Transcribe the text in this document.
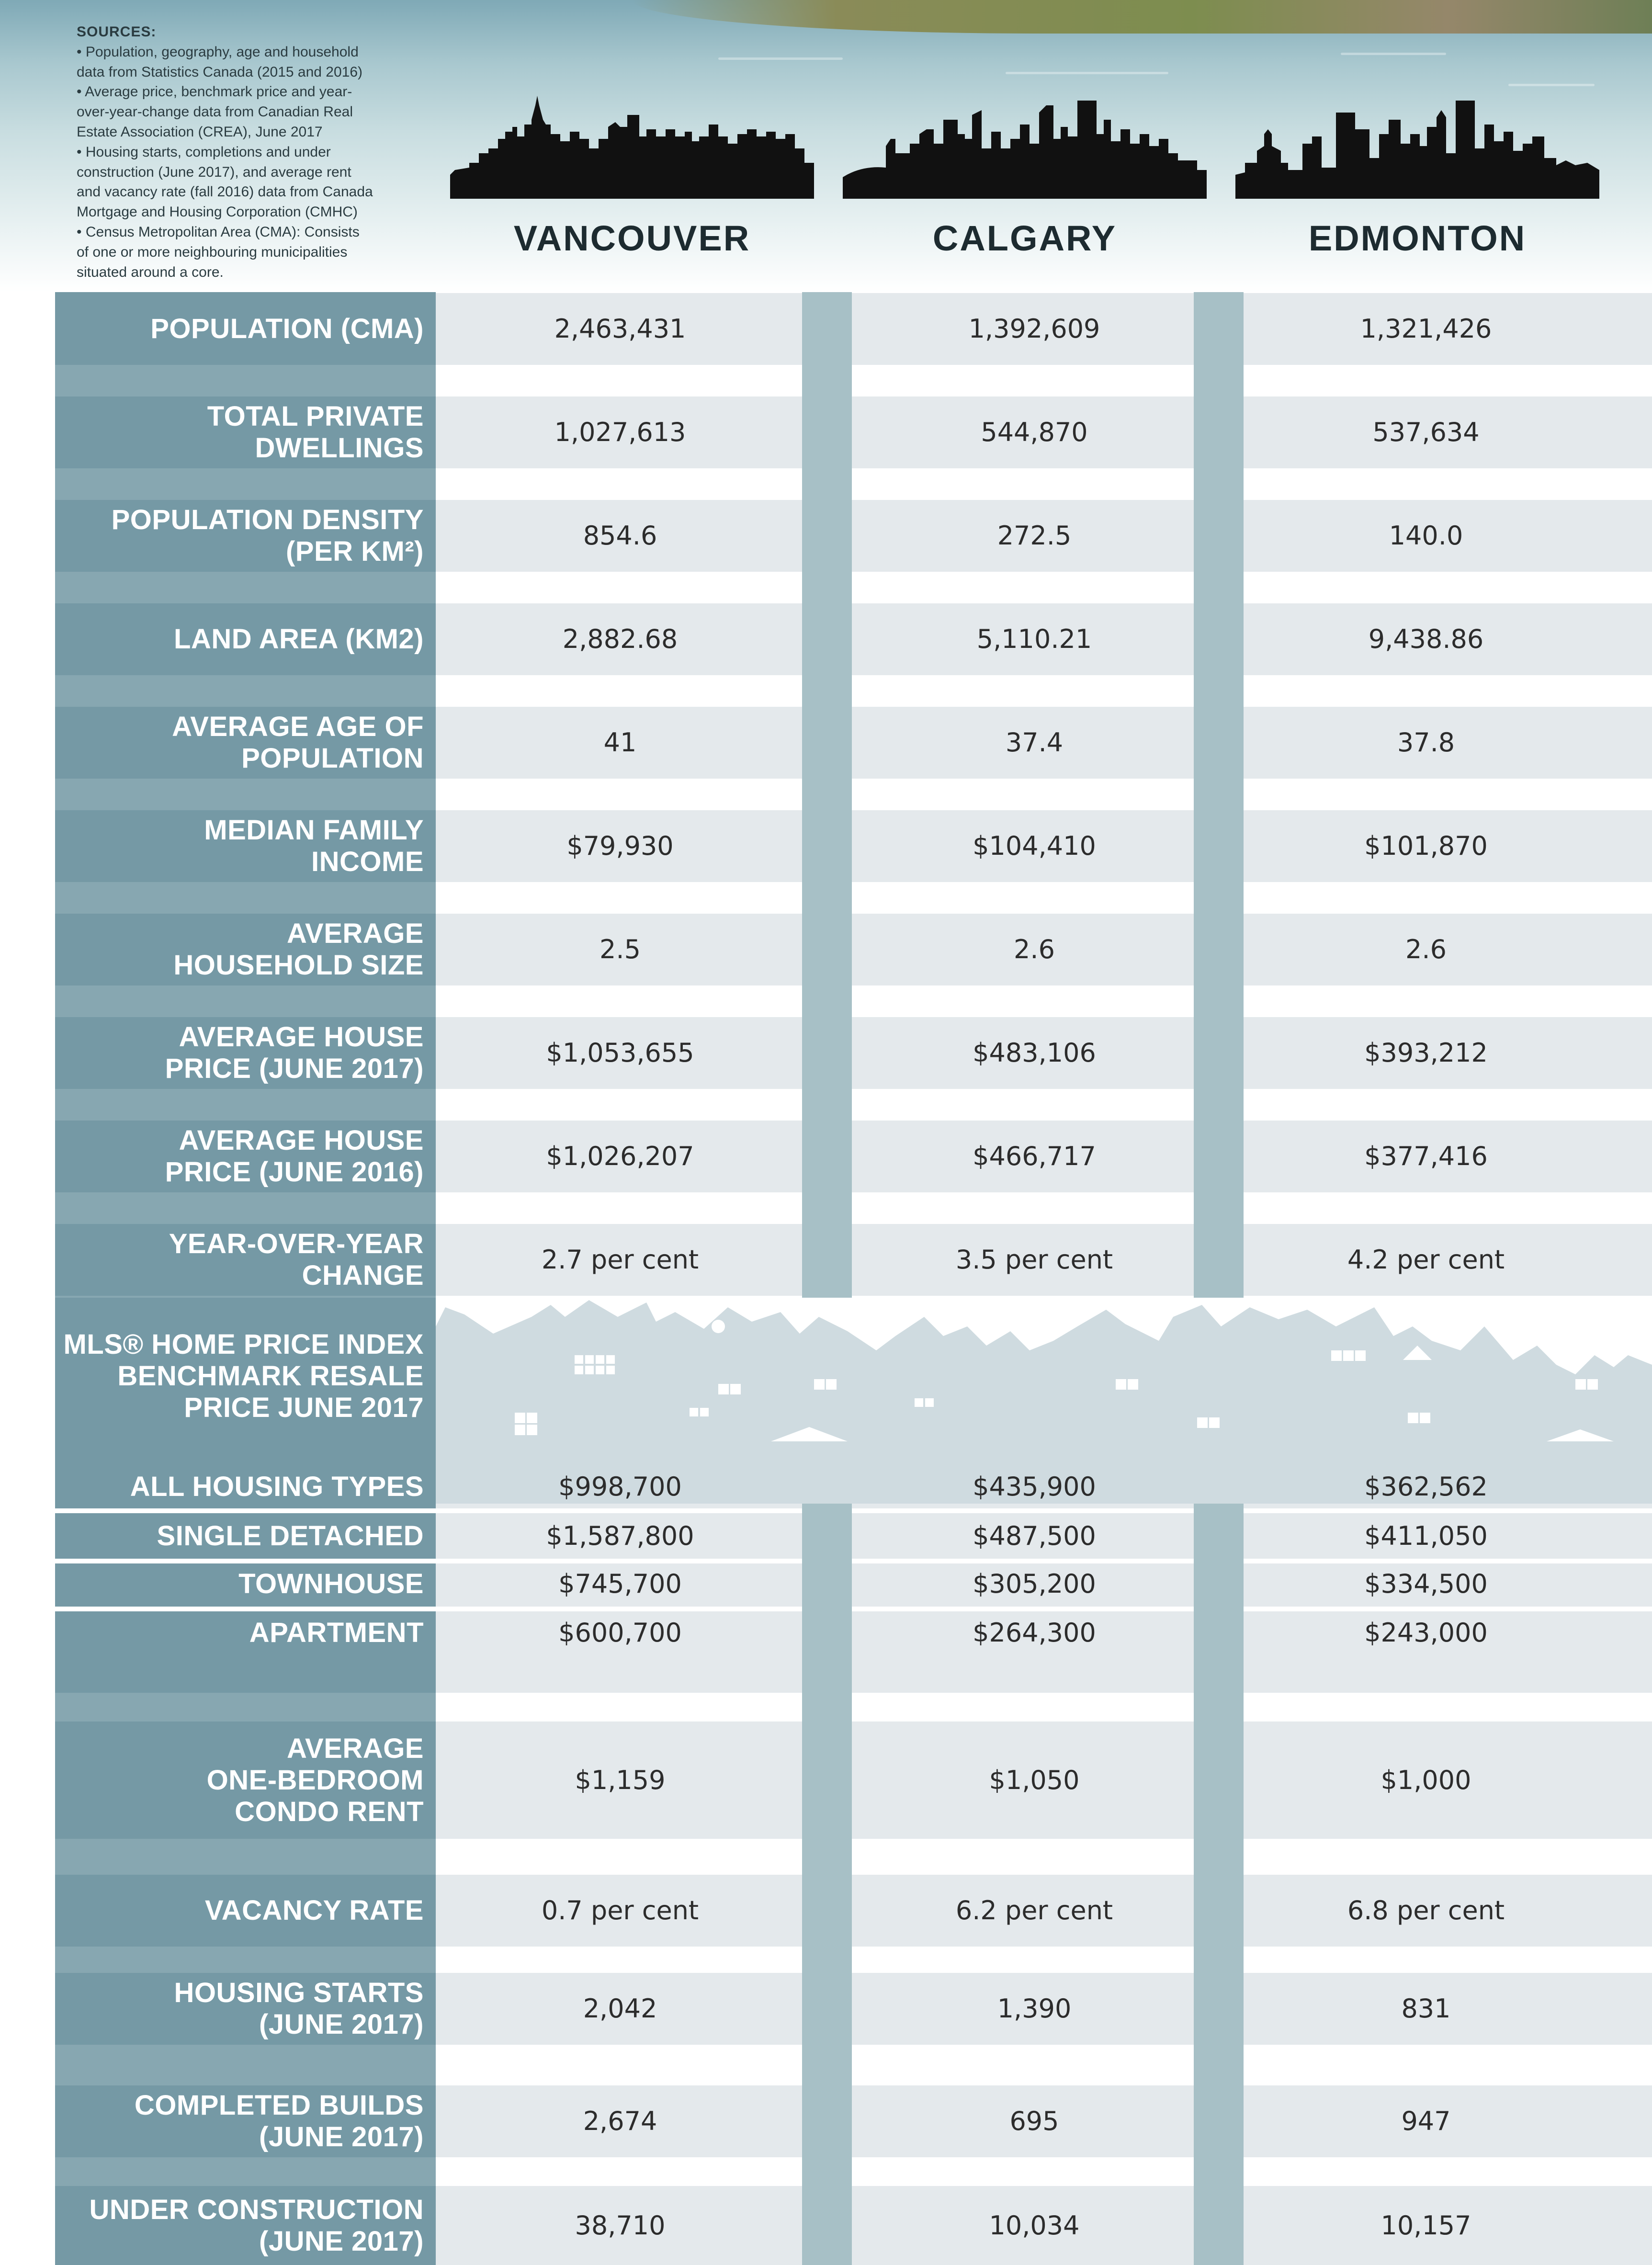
SOURCES:
• Population, geography, age and household
data from Statistics Canada (2015 and 2016)
• Average price, benchmark price and year-
over-year-change data from Canadian Real
Estate Association (CREA), June 2017
• Housing starts, completions and under
construction (June 2017), and average rent
and vacancy rate (fall 2016) data from Canada
Mortgage and Housing Corporation (CMHC)
• Census Metropolitan Area (CMA): Consists
of one or more neighbouring municipalities
situated around a core.
VANCOUVER	CALGARY	EDMONTON
POPULATION (CMA)	2,463,431	1,392,609	1,321,426
TOTAL PRIVATE
DWELLINGS
1,027,613	544,870	537,634
POPULATION DENSITY
(PER KM²)
854.6	272.5	140.0
LAND AREA (KM2)	2,882.68	5,110.21	9,438.86
AVERAGE AGE OF
POPULATION
41	37.4	37.8
MEDIAN FAMILY
INCOME
$79,930	$104,410	$101,870
AVERAGE
HOUSEHOLD SIZE
2.5	2.6	2.6
AVERAGE HOUSE
PRICE (JUNE 2017)
$1,053,655	$483,106	$393,212
AVERAGE HOUSE
PRICE (JUNE 2016)
$1,026,207	$466,717	$377,416
YEAR-OVER-YEAR
CHANGE
2.7 per cent	3.5 per cent	4.2 per cent
MLS® HOME PRICE INDEX
BENCHMARK RESALE
PRICE JUNE 2017
ALL HOUSING TYPES	$998,700	$435,900	$362,562
SINGLE DETACHED	$1,587,800	$487,500	$411,050
TOWNHOUSE	$745,700	$305,200	$334,500
APARTMENT	$600,700	$264,300	$243,000
AVERAGE
ONE-BEDROOM
CONDO RENT
$1,159	$1,050	$1,000
VACANCY RATE	0.7 per cent	6.2 per cent	6.8 per cent
HOUSING STARTS
(JUNE 2017)
2,042	1,390	831
COMPLETED BUILDS
(JUNE 2017)
2,674	695	947
UNDER CONSTRUCTION
(JUNE 2017)
38,710	10,034	10,157
